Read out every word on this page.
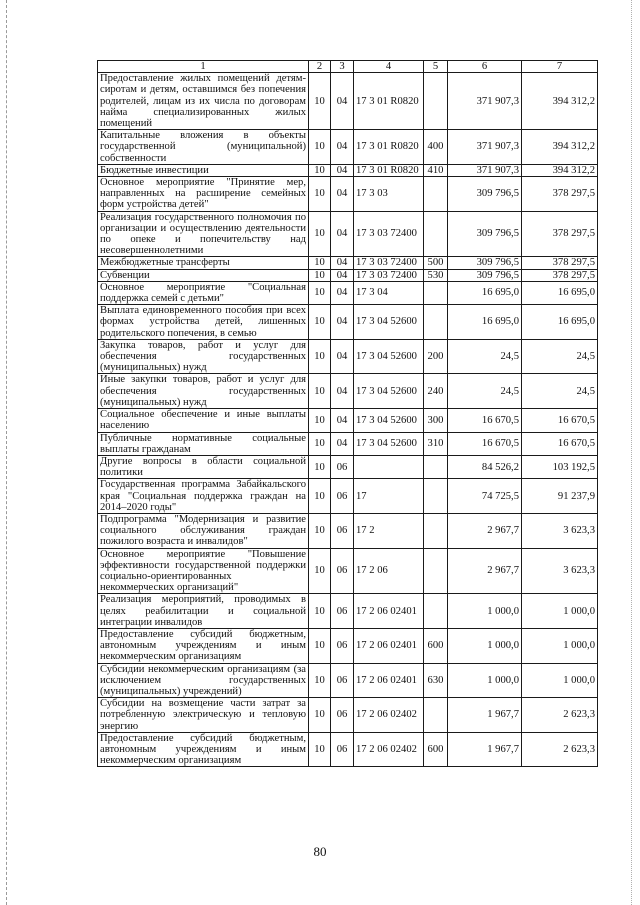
1	2	3	4	5	6	7
Предоставление жилых помещений детям-сиротам и детям, оставшимся без попечения родителей, лицам из их числа по договорам найма специализированных жилых помещений	10	04	17 3 01 R0820		371 907,3	394 312,2
Капитальные вложения в объекты государственной (муниципальной) собственности	10	04	17 3 01 R0820	400	371 907,3	394 312,2
Бюджетные инвестиции	10	04	17 3 01 R0820	410	371 907,3	394 312,2
Основное мероприятие "Принятие мер, направленных на расширение семейных форм устройства детей"	10	04	17 3 03		309 796,5	378 297,5
Реализация государственного полномочия по организации и осуществлению деятельности по опеке и попечительству над несовершеннолетними	10	04	17 3 03 72400		309 796,5	378 297,5
Межбюджетные трансферты	10	04	17 3 03 72400	500	309 796,5	378 297,5
Субвенции	10	04	17 3 03 72400	530	309 796,5	378 297,5
Основное мероприятие "Социальная поддержка семей с детьми"	10	04	17 3 04		16 695,0	16 695,0
Выплата единовременного пособия при всех формах устройства детей, лишенных родительского попечения, в семью	10	04	17 3 04 52600		16 695,0	16 695,0
Закупка товаров, работ и услуг для обеспечения государственных (муниципальных) нужд	10	04	17 3 04 52600	200	24,5	24,5
Иные закупки товаров, работ и услуг для обеспечения государственных (муниципальных) нужд	10	04	17 3 04 52600	240	24,5	24,5
Социальное обеспечение и иные выплаты населению	10	04	17 3 04 52600	300	16 670,5	16 670,5
Публичные нормативные социальные выплаты гражданам	10	04	17 3 04 52600	310	16 670,5	16 670,5
Другие вопросы в области социальной политики	10	06			84 526,2	103 192,5
Государственная программа Забайкальского края "Социальная поддержка граждан на 2014–2020 годы"	10	06	17		74 725,5	91 237,9
Подпрограмма "Модернизация и развитие социального обслуживания граждан пожилого возраста и инвалидов"	10	06	17 2		2 967,7	3 623,3
Основное мероприятие "Повышение эффективности государственной поддержки социально-ориентированных некоммерческих организаций"	10	06	17 2 06		2 967,7	3 623,3
Реализация мероприятий, проводимых в целях реабилитации и социальной интеграции инвалидов	10	06	17 2 06 02401		1 000,0	1 000,0
Предоставление субсидий бюджетным, автономным учреждениям и иным некоммерческим организациям	10	06	17 2 06 02401	600	1 000,0	1 000,0
Субсидии некоммерческим организациям (за исключением государственных (муниципальных) учреждений)	10	06	17 2 06 02401	630	1 000,0	1 000,0
Субсидии на возмещение части затрат за потребленную электрическую и тепловую энергию	10	06	17 2 06 02402		1 967,7	2 623,3
Предоставление субсидий бюджетным, автономным учреждениям и иным некоммерческим организациям	10	06	17 2 06 02402	600	1 967,7	2 623,3
80
